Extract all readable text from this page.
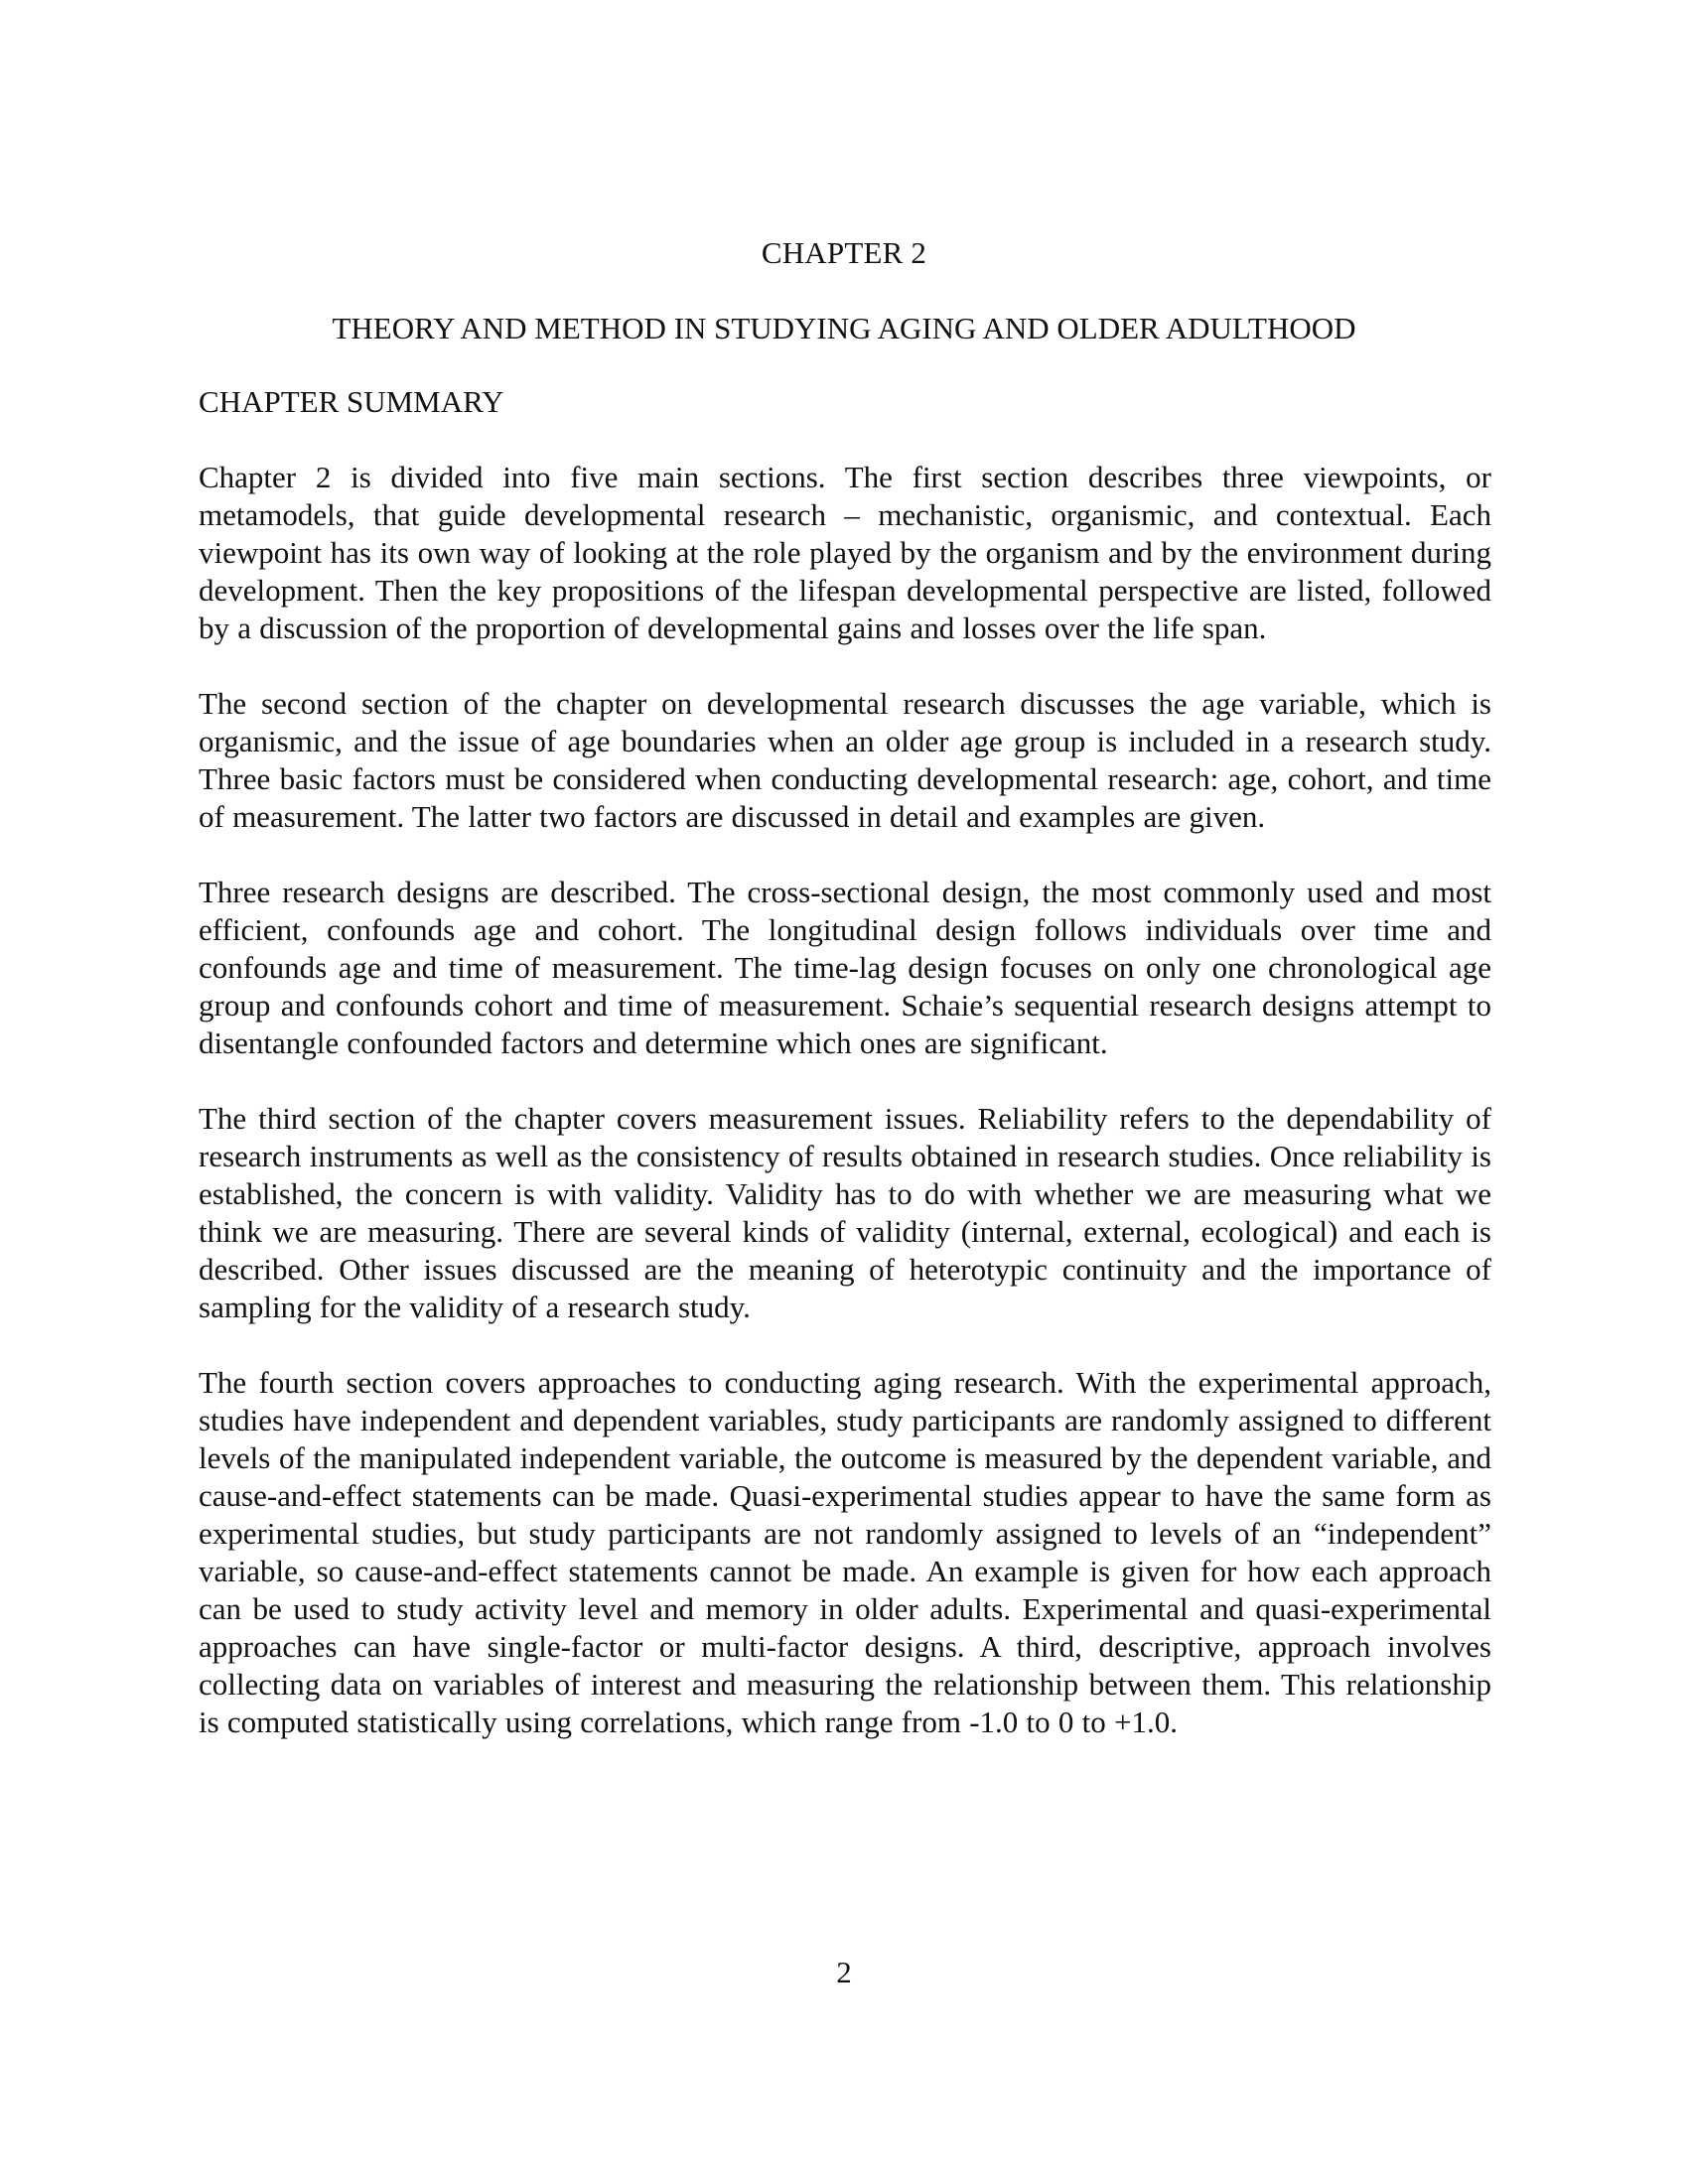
CHAPTER 2
THEORY AND METHOD IN STUDYING AGING AND OLDER ADULTHOOD
CHAPTER SUMMARY

Chapter 2 is divided into five main sections. The first section describes three viewpoints, or metamodels, that guide developmental research – mechanistic, organismic, and contextual. Each viewpoint has its own way of looking at the role played by the organism and by the environment during development. Then the key propositions of the lifespan developmental perspective are listed, followed by a discussion of the proportion of developmental gains and losses over the life span.

The second section of the chapter on developmental research discusses the age variable, which is organismic, and the issue of age boundaries when an older age group is included in a research study. Three basic factors must be considered when conducting developmental research: age, cohort, and time of measurement. The latter two factors are discussed in detail and examples are given.

Three research designs are described. The cross-sectional design, the most commonly used and most efficient, confounds age and cohort. The longitudinal design follows individuals over time and confounds age and time of measurement. The time-lag design focuses on only one chronological age group and confounds cohort and time of measurement. Schaie’s sequential research designs attempt to disentangle confounded factors and determine which ones are significant.

The third section of the chapter covers measurement issues. Reliability refers to the dependability of research instruments as well as the consistency of results obtained in research studies. Once reliability is established, the concern is with validity. Validity has to do with whether we are measuring what we think we are measuring. There are several kinds of validity (internal, external, ecological) and each is described. Other issues discussed are the meaning of heterotypic continuity and the importance of sampling for the validity of a research study.

The fourth section covers approaches to conducting aging research. With the experimental approach, studies have independent and dependent variables, study participants are randomly assigned to different levels of the manipulated independent variable, the outcome is measured by the dependent variable, and cause-and-effect statements can be made. Quasi-experimental studies appear to have the same form as experimental studies, but study participants are not randomly assigned to levels of an “independent” variable, so cause-and-effect statements cannot be made. An example is given for how each approach can be used to study activity level and memory in older adults. Experimental and quasi-experimental approaches can have single-factor or multi-factor designs. A third, descriptive, approach involves collecting data on variables of interest and measuring the relationship between them. This relationship is computed statistically using correlations, which range from -1.0 to 0 to +1.0.

2
